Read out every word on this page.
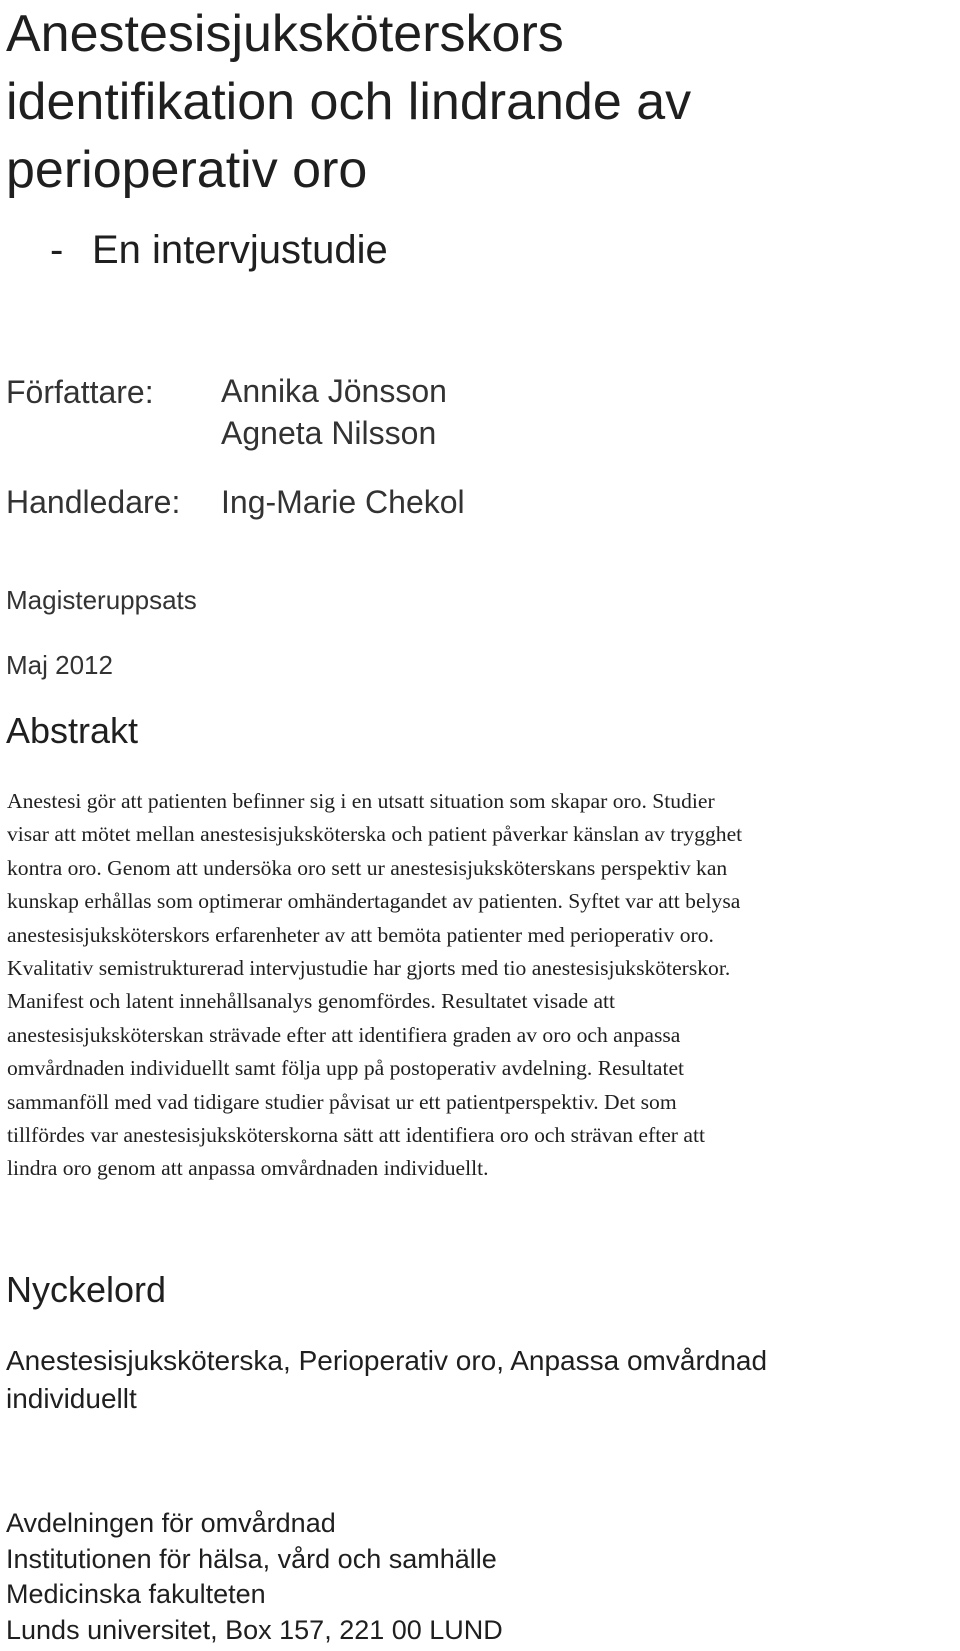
Anestesisjuksköterskors
identifikation och lindrande av
perioperativ oro
- En intervjustudie
Författare: Annika Jönsson
Agneta Nilsson
Handledare: Ing-Marie Chekol
Magisteruppsats
Maj 2012
Abstrakt

Anestesi gör att patienten befinner sig i en utsatt situation som skapar oro. Studier

visar att mötet mellan anestesisjuksköterska och patient påverkar känslan av trygghet

kontra oro. Genom att undersöka oro sett ur anestesisjuksköterskans perspektiv kan

kunskap erhållas som optimerar omhändertagandet av patienten. Syftet var att belysa

anestesisjuksköterskors erfarenheter av att bemöta patienter med perioperativ oro.

Kvalitativ semistrukturerad intervjustudie har gjorts med tio anestesisjuksköterskor.

Manifest och latent innehållsanalys genomfördes. Resultatet visade att

anestesisjuksköterskan strävade efter att identifiera graden av oro och anpassa

omvårdnaden individuellt samt följa upp på postoperativ avdelning. Resultatet

sammanföll med vad tidigare studier påvisat ur ett patientperspektiv. Det som

tillfördes var anestesisjuksköterskorna sätt att identifiera oro och strävan efter att

lindra oro genom att anpassa omvårdnaden individuellt.

Nyckelord
Anestesisjuksköterska, Perioperativ oro, Anpassa omvårdnad
individuellt
Avdelningen för omvårdnad
Institutionen för hälsa, vård och samhälle
Medicinska fakulteten
Lunds universitet, Box 157, 221 00 LUND
